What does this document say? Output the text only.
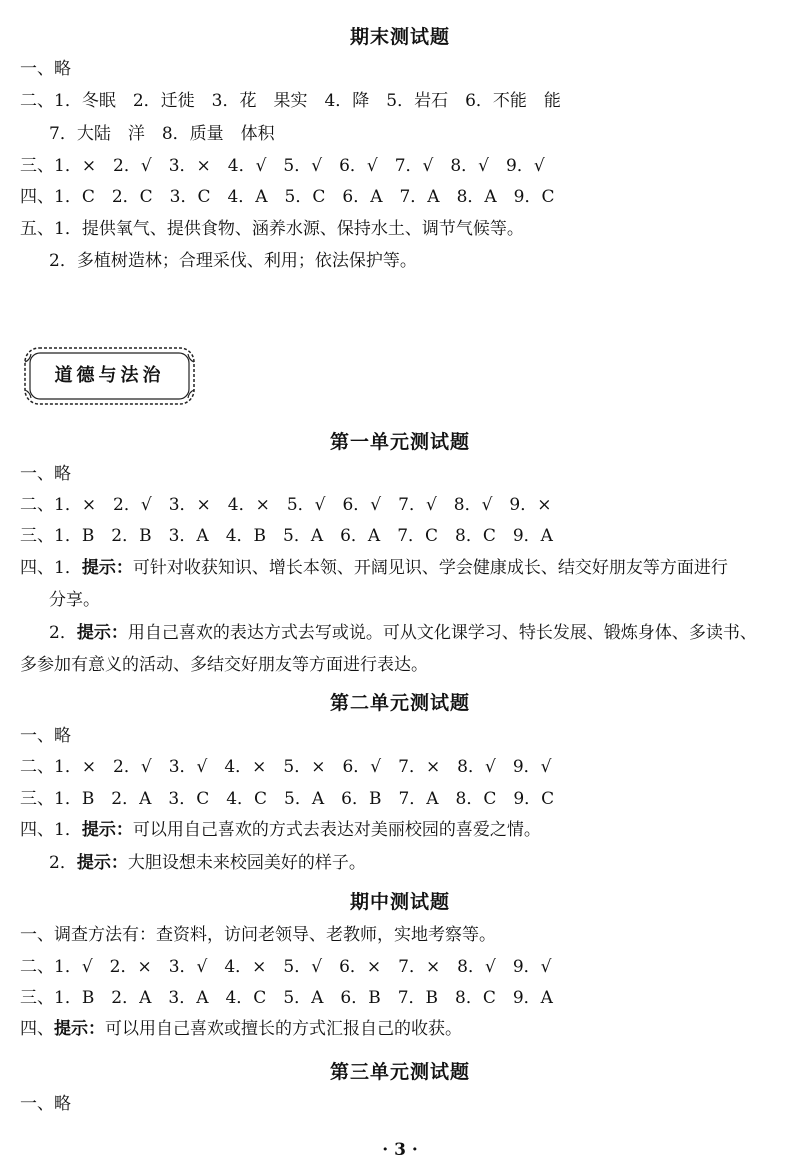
期末测试题
一、略
二、1．冬眠　2．迁徙　3．花　果实　4．降　5．岩石　6．不能　能
7．大陆　洋　8．质量　体积
三、1．×　2．√　3．×　4．√　5．√　6．√　7．√　8．√　9．√
四、1．C　2．C　3．C　4．A　5．C　6．A　7．A　8．A　9．C
五、1．提供氧气、提供食物、涵养水源、保持水土、调节气候等。
2．多植树造林；合理采伐、利用；依法保护等。
道德与法治
第一单元测试题
一、略
二、1．×　2．√　3．×　4．×　5．√　6．√　7．√　8．√　9．×
三、1．B　2．B　3．A　4．B　5．A　6．A　7．C　8．C　9．A
四、1．提示：可针对收获知识、增长本领、开阔见识、学会健康成长、结交好朋友等方面进行
分享。
2．提示：用自己喜欢的表达方式去写或说。可从文化课学习、特长发展、锻炼身体、多读书、
多参加有意义的活动、多结交好朋友等方面进行表达。
第二单元测试题
一、略
二、1．×　2．√　3．√　4．×　5．×　6．√　7．×　8．√　9．√
三、1．B　2．A　3．C　4．C　5．A　6．B　7．A　8．C　9．C
四、1．提示：可以用自己喜欢的方式去表达对美丽校园的喜爱之情。
2．提示：大胆设想未来校园美好的样子。
期中测试题
一、调查方法有：查资料，访问老领导、老教师，实地考察等。
二、1．√　2．×　3．√　4．×　5．√　6．×　7．×　8．√　9．√
三、1．B　2．A　3．A　4．C　5．A　6．B　7．B　8．C　9．A
四、提示：可以用自己喜欢或擅长的方式汇报自己的收获。
第三单元测试题
一、略
· 3 ·
